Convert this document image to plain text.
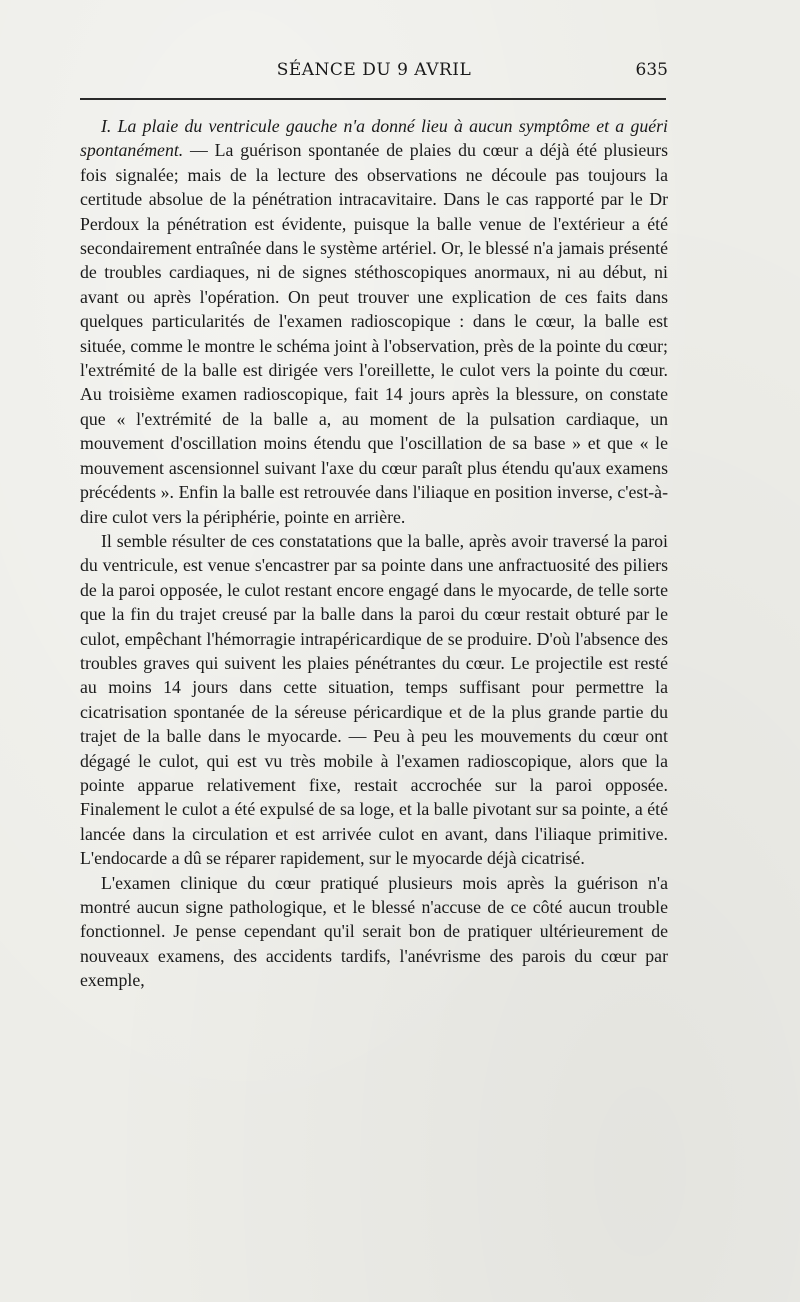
SÉANCE DU 9 AVRIL	635

I. La plaie du ventricule gauche n'a donné lieu à aucun symptôme et a guéri spontanément. — La guérison spontanée de plaies du cœur a déjà été plusieurs fois signalée; mais de la lecture des observations ne découle pas toujours la certitude absolue de la pénétration intracavitaire. Dans le cas rapporté par le Dr Perdoux la pénétration est évidente, puisque la balle venue de l'extérieur a été secondairement entraînée dans le système artériel. Or, le blessé n'a jamais présenté de troubles cardiaques, ni de signes stéthoscopiques anormaux, ni au début, ni avant ou après l'opération. On peut trouver une explication de ces faits dans quelques particularités de l'examen radioscopique : dans le cœur, la balle est située, comme le montre le schéma joint à l'observation, près de la pointe du cœur; l'extrémité de la balle est dirigée vers l'oreillette, le culot vers la pointe du cœur. Au troisième examen radioscopique, fait 14 jours après la blessure, on constate que « l'extrémité de la balle a, au moment de la pulsation cardiaque, un mouvement d'oscillation moins étendu que l'oscillation de sa base » et que « le mouvement ascensionnel suivant l'axe du cœur paraît plus étendu qu'aux examens précédents ». Enfin la balle est retrouvée dans l'iliaque en position inverse, c'est-à-dire culot vers la périphérie, pointe en arrière.

Il semble résulter de ces constatations que la balle, après avoir traversé la paroi du ventricule, est venue s'encastrer par sa pointe dans une anfractuosité des piliers de la paroi opposée, le culot restant encore engagé dans le myocarde, de telle sorte que la fin du trajet creusé par la balle dans la paroi du cœur restait obturé par le culot, empêchant l'hémorragie intrapéricardique de se produire. D'où l'absence des troubles graves qui suivent les plaies pénétrantes du cœur. Le projectile est resté au moins 14 jours dans cette situation, temps suffisant pour permettre la cicatrisation spontanée de la séreuse péricardique et de la plus grande partie du trajet de la balle dans le myocarde. — Peu à peu les mouvements du cœur ont dégagé le culot, qui est vu très mobile à l'examen radioscopique, alors que la pointe apparue relativement fixe, restait accrochée sur la paroi opposée. Finalement le culot a été expulsé de sa loge, et la balle pivotant sur sa pointe, a été lancée dans la circulation et est arrivée culot en avant, dans l'iliaque primitive. L'endocarde a dû se réparer rapidement, sur le myocarde déjà cicatrisé.

L'examen clinique du cœur pratiqué plusieurs mois après la guérison n'a montré aucun signe pathologique, et le blessé n'accuse de ce côté aucun trouble fonctionnel. Je pense cependant qu'il serait bon de pratiquer ultérieurement de nouveaux examens, des accidents tardifs, l'anévrisme des parois du cœur par exemple,
